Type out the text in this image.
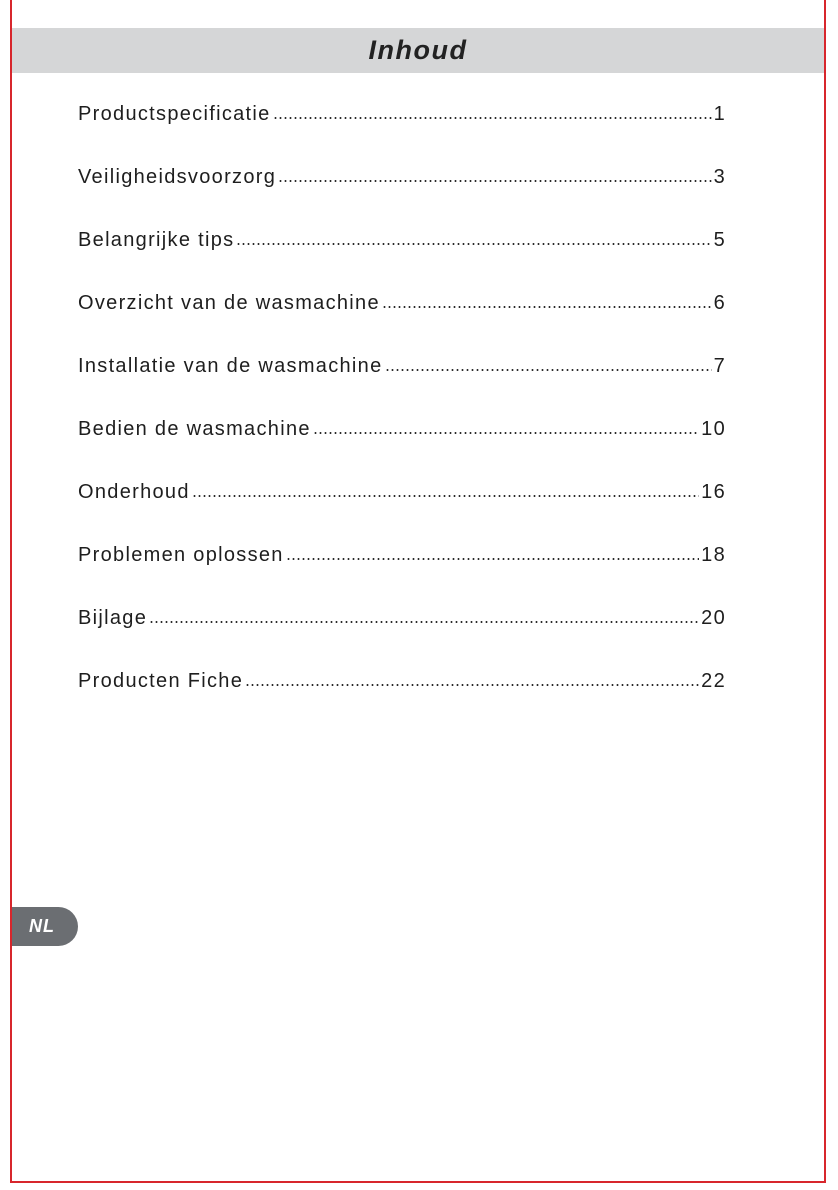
Inhoud
Productspecificatie	1
Veiligheidsvoorzorg	3
Belangrijke tips	5
Overzicht van de wasmachine	6
Installatie van de wasmachine	7
Bedien de wasmachine	10
Onderhoud	16
Problemen oplossen	18
Bijlage	20
Producten Fiche	22
NL
